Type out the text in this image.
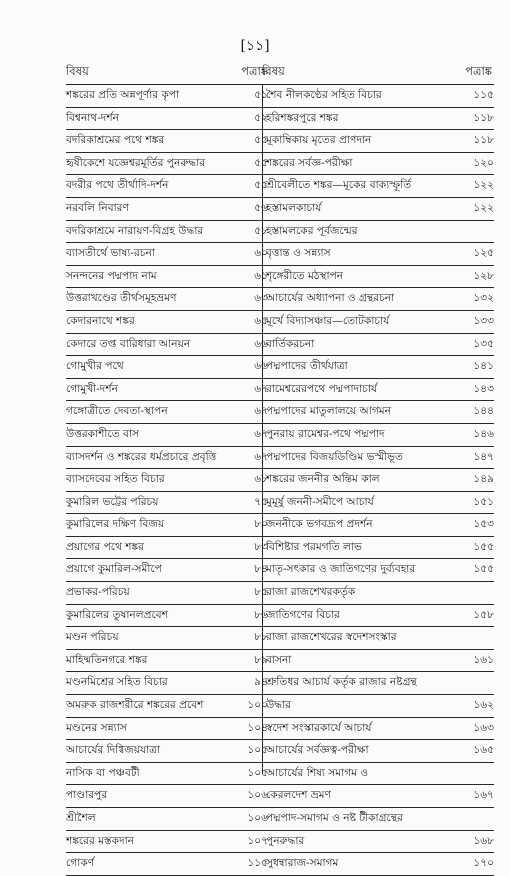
[১১]
বিষয়	পত্রাঙ্ক
শঙ্করের প্রতি অন্নপূর্ণার কৃপা	৫১
বিশ্বনাথ-দর্শন	৫২
বদরিকাশ্রমের পথে শঙ্কর	৫৫
হৃষীকেশে যজ্ঞেশ্বরমূর্তির পুনরুদ্ধার	৫৫
বদরীর পথে তীর্থাদি-দর্শন	৫৫
নরবলি নিবারণ	৫৬
বদরিকাশ্রমে নারায়ণ-বিগ্রহ উদ্ধার	৫৮
ব্যাসতীর্থে ভাষ্য-রচনা	৬০
সনন্দনের পদ্মপাদ নাম	৬১
উত্তরাখণ্ডের তীর্থসমূহভ্রমণ	৬৩
কেদারনাথে শঙ্কর	৬৫
কেদারে তপ্ত বারিধারা আনয়ন	৬৬
গোমুখীর পথে	৬৬
গোমুখী-দর্শন	৬৭
গঙ্গোত্রীতে দেবতা-স্থাপন	৬৭
উত্তরকাশীতে বাস	৬৭
ব্যাসদর্শন ও শঙ্করের ধর্মপ্রচারে প্রবৃত্তি	৬৭
ব্যাসদেবের সহিত বিচার	৬৮
কুমারিল ভট্টের পরিচয়	৭৫
কুমারিলের দক্ষিণ বিজয়	৮০
প্রয়াগের পথে শঙ্কর	৮৩
প্রয়াগে কুমারিল-সমীপে	৮৪
প্রভাকর-পরিচয়	৮৫
কুমারিলের তুষানলপ্রবেশ	৮৬
মণ্ডন পরিচয়	৮৮
মাহিষ্মতিনগরে শঙ্কর	৮৯
মণ্ডনমিশ্রের সহিত বিচার	৯৪
অমরুক রাজশরীরে শঙ্করের প্রবেশ	১০০
মণ্ডনের সন্ন্যাস	১০৪
আচার্যের দিগ্বিজয়যাত্রা	১০৫
নাসিক বা পঞ্চবটী	১০৫
পাণ্ডারপুর	১০৬
শ্রীশৈল	১০৬
শঙ্করের মস্তকদান	১০৭
গোকর্ণ	১১৫
বিষয়	পত্রাঙ্ক
শৈব নীলকণ্ঠের সহিত বিচার	১১৫
হরিশঙ্করপুরে শঙ্কর	১১৮
মূকাম্বিকায় মৃতের প্রাণদান	১১৮
শঙ্করের সর্বজ্ঞ-পরীক্ষা	১২০
শ্রীবেলীতে শঙ্কর—মূকের বাক্যস্ফূর্তি	১২২
হস্তামলকাচার্য	১২২
হস্তামলকের পূর্বজন্মের
বৃত্তান্ত ও সন্ন্যাস	১২৫
শৃঙ্গেরীতে মঠস্থাপন	১২৮
আচার্যের অধ্যাপনা ও গ্রন্থরচনা	১৩২
মূর্খে বিদ্যাসঞ্চার—তোটকাচার্য	১৩৩
বার্তিকরচনা	১৩৫
পদ্মপাদের তীর্থযাত্রা	১৪১
রামেশ্বরেরপথে পদ্মপাদাচার্য	১৪৩
পদ্মপাদের মাতুলালয়ে আগমন	১৪৪
পুনরায় রামেশ্বর-পথে পদ্মপাদ	১৪৬
পদ্মপাদের বিজয়ডিণ্ডিম ভস্মীভূত	১৪৭
শঙ্করের জননীর অন্তিম কাল	১৪৯
মুমূর্ষু জননী-সমীপে আচার্য	১৫১
জননীকে ভগবদ্রূপ প্রদর্শন	১৫৩
বিশিষ্টার পরমগতি লাভ	১৫৫
মাতৃ-সৎকার ও জাতিগণের দুর্ব্যবহার	১৫৫
রাজা রাজশেখরকর্তৃক
জাতিগণের বিচার	১৫৮
রাজা রাজশেখরের স্বদেশসংস্কার
বাসনা	১৬১
শ্রুতিধর আচার্য কর্তৃক রাজার নষ্টগ্রন্থ
উদ্ধার	১৬২
স্বদেশ সংস্কারকার্যে আচার্য	১৬৩
আচার্যের সর্বজ্ঞত্ব-পরীক্ষা	১৬৫
আচার্যের শিষ্য সমাগম ও
কেরলদেশ ভ্রমণ	১৬৭
পদ্মপাদ-সমাগম ও নষ্ট টীকাগ্রন্থের
পুনরুদ্ধার	১৬৮
সুধন্বারাজ-সমাগম	১৭০
